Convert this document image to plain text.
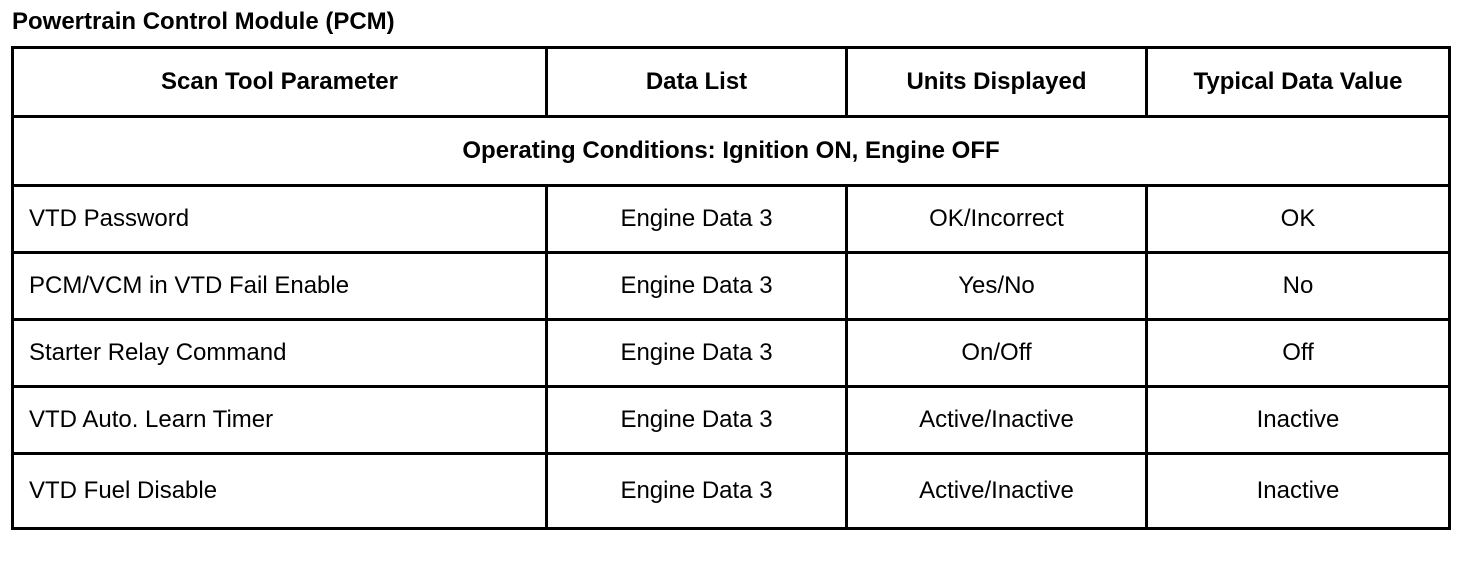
Powertrain Control Module (PCM)
Scan Tool Parameter	Data List	Units Displayed	Typical Data Value
Operating Conditions: Ignition ON, Engine OFF			
VTD Password	Engine Data 3	OK/Incorrect	OK
PCM/VCM in VTD Fail Enable	Engine Data 3	Yes/No	No
Starter Relay Command	Engine Data 3	On/Off	Off
VTD Auto. Learn Timer	Engine Data 3	Active/Inactive	Inactive
VTD Fuel Disable	Engine Data 3	Active/Inactive	Inactive
